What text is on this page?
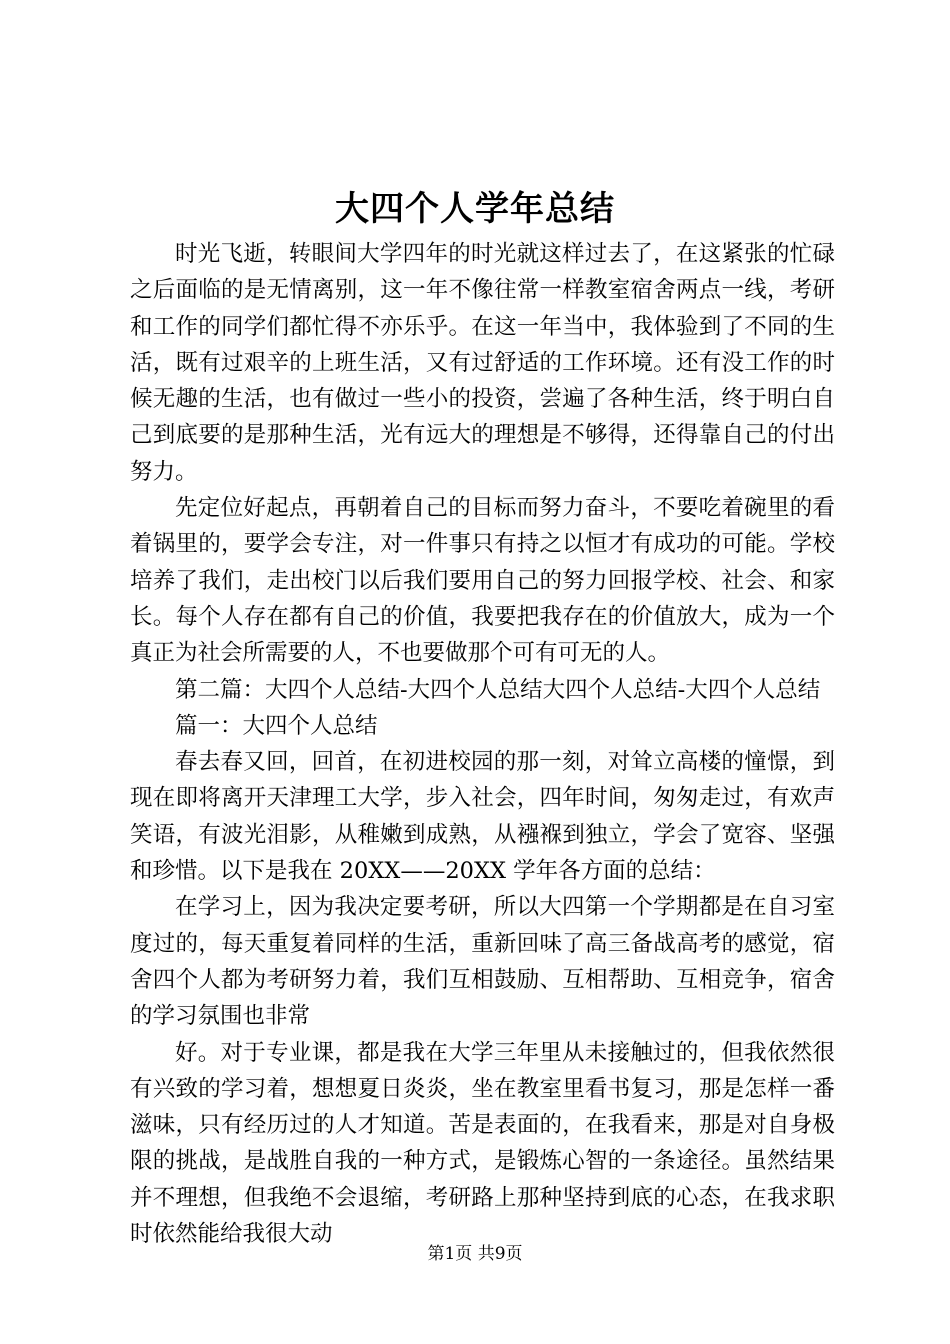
大四个人学年总结

时光飞逝，转眼间大学四年的时光就这样过去了，在这紧张的忙碌之后面临的是无情离别，这一年不像往常一样教室宿舍两点一线，考研和工作的同学们都忙得不亦乐乎。在这一年当中，我体验到了不同的生活，既有过艰辛的上班生活，又有过舒适的工作环境。还有没工作的时候无趣的生活，也有做过一些小的投资，尝遍了各种生活，终于明白自己到底要的是那种生活，光有远大的理想是不够得，还得靠自己的付出努力。

先定位好起点，再朝着自己的目标而努力奋斗，不要吃着碗里的看着锅里的，要学会专注，对一件事只有持之以恒才有成功的可能。学校培养了我们，走出校门以后我们要用自己的努力回报学校、社会、和家长。每个人存在都有自己的价值，我要把我存在的价值放大，成为一个真正为社会所需要的人，不也要做那个可有可无的人。

第二篇：大四个人总结-大四个人总结大四个人总结-大四个人总结

篇一：大四个人总结

春去春又回，回首，在初进校园的那一刻，对耸立高楼的憧憬，到现在即将离开天津理工大学，步入社会，四年时间，匆匆走过，有欢声笑语，有波光泪影，从稚嫩到成熟，从襁褓到独立，学会了宽容、坚强和珍惜。以下是我在 20XX——20XX 学年各方面的总结：

在学习上，因为我决定要考研，所以大四第一个学期都是在自习室度过的，每天重复着同样的生活，重新回味了高三备战高考的感觉，宿舍四个人都为考研努力着，我们互相鼓励、互相帮助、互相竞争，宿舍的学习氛围也非常

好。对于专业课，都是我在大学三年里从未接触过的，但我依然很有兴致的学习着，想想夏日炎炎，坐在教室里看书复习，那是怎样一番滋味，只有经历过的人才知道。苦是表面的，在我看来，那是对自身极限的挑战，是战胜自我的一种方式，是锻炼心智的一条途径。虽然结果并不理想，但我绝不会退缩，考研路上那种坚持到底的心态，在我求职时依然能给我很大动

第1页 共9页
